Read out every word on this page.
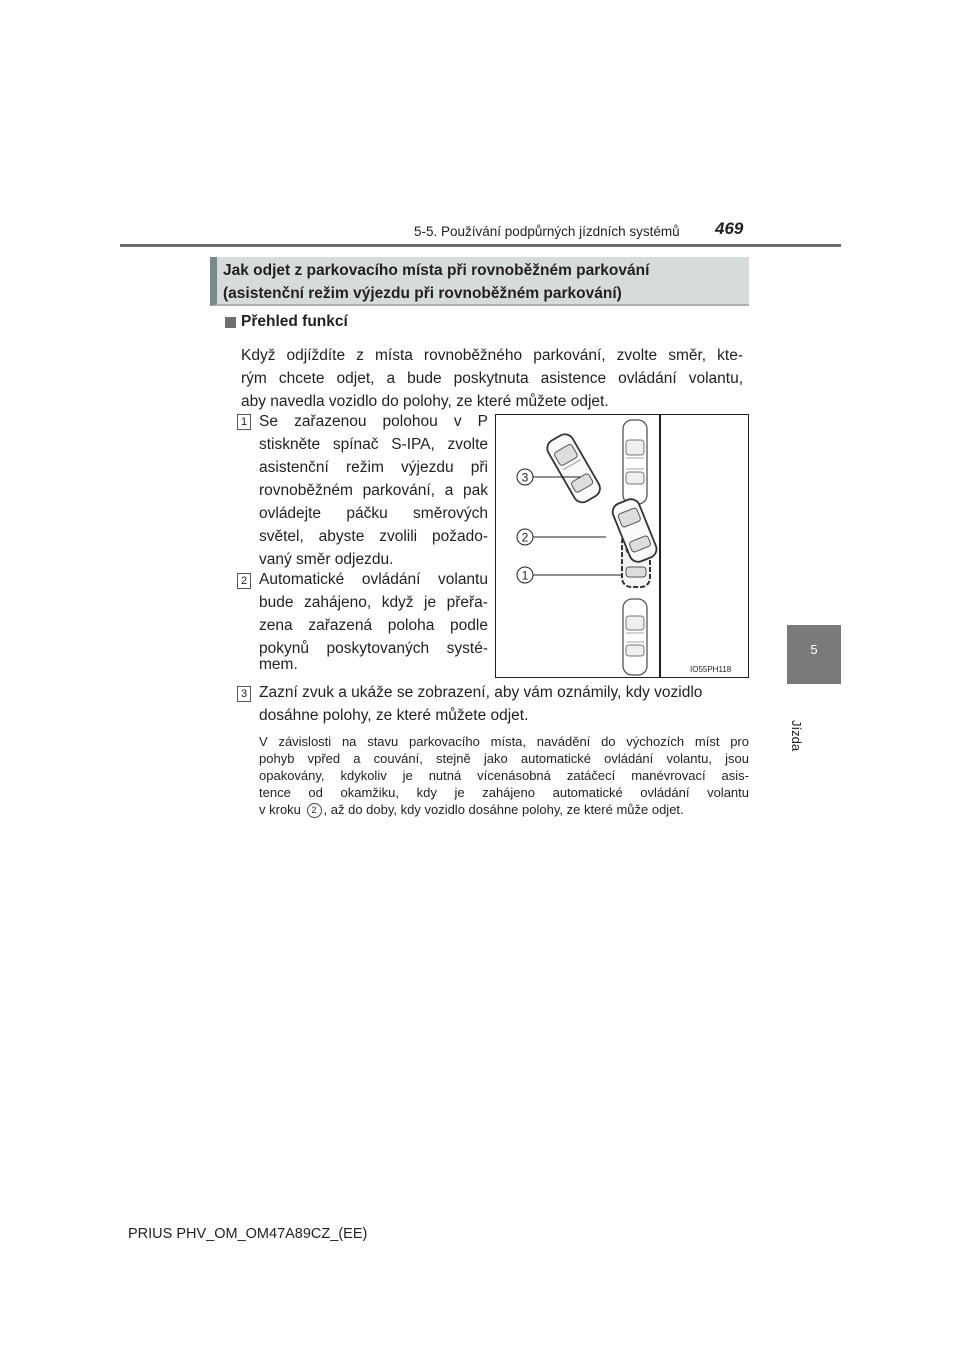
5-5. Používání podpůrných jízdních systémů 469
5
Jízda
Jak odjet z parkovacího místa při rovnoběžném parkování
(asistenční režim výjezdu při rovnoběžném parkování)
Přehled funkcí
Když odjíždíte z místa rovnoběžného parkování, zvolte směr, kte-
rým chcete odjet, a bude poskytnuta asistence ovládání volantu,
aby navedla vozidlo do polohy, ze které můžete odjet.
1 Se zařazenou polohou v P
stiskněte spínač S-IPA, zvolte
asistenční režim výjezdu při
rovnoběžném parkování, a pak
ovládejte páčku směrových
světel, abyste zvolili požado-
vaný směr odjezdu.
2 Automatické ovládání volantu
bude zahájeno, když je přeřa-
zena zařazená poloha podle
pokynů poskytovaných systé-
mem.
3 Zazní zvuk a ukáže se zobrazení, aby vám oznámily, kdy vozidlo
dosáhne polohy, ze které můžete odjet.
V závislosti na stavu parkovacího místa, navádění do výchozích míst pro
pohyb vpřed a couvání, stejně jako automatické ovládání volantu, jsou
opakovány, kdykoliv je nutná vícenásobná zatáčecí manévrovací asis-
tence od okamžiku, kdy je zahájeno automatické ovládání volantu
v kroku 2 , až do doby, kdy vozidlo dosáhne polohy, ze které může odjet.
3
2
1
IO55PH118
PRIUS PHV_OM_OM47A89CZ_(EE)
